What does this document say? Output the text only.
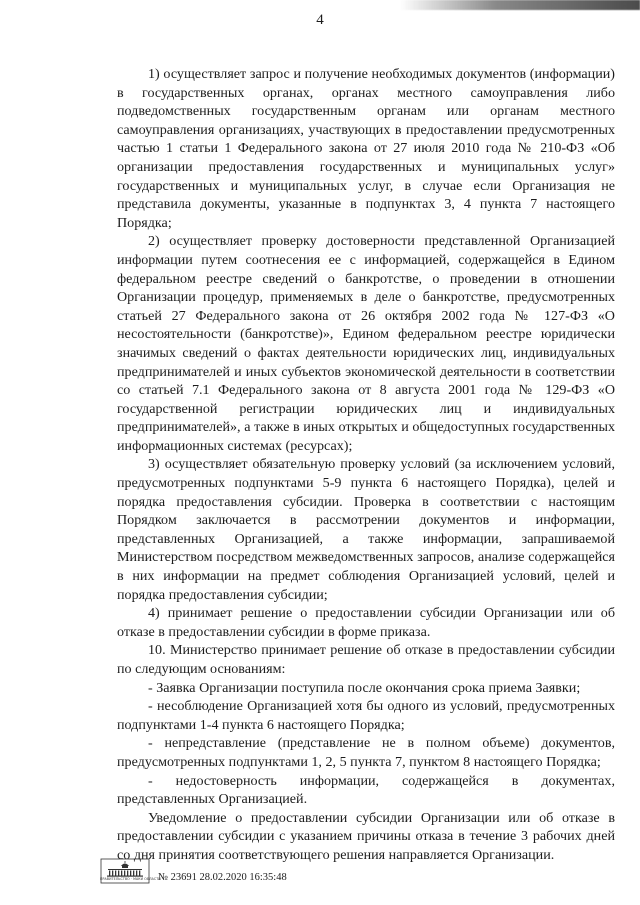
4

1) осуществляет запрос и получение необходимых документов (информации) в государственных органах, органах местного самоуправления либо подведомственных государственным органам или органам местного самоуправления организациях, участвующих в предоставлении предусмотренных частью 1 статьи 1 Федерального закона от 27 июля 2010 года № 210-ФЗ «Об организации предоставления государственных и муниципальных услуг» государственных и муниципальных услуг, в случае если Организация не представила документы, указанные в подпунктах 3, 4 пункта 7 настоящего Порядка;

2) осуществляет проверку достоверности представленной Организацией информации путем соотнесения ее с информацией, содержащейся в Едином федеральном реестре сведений о банкротстве, о проведении в отношении Организации процедур, применяемых в деле о банкротстве, предусмотренных статьей 27 Федерального закона от 26 октября 2002 года № 127-ФЗ «О несостоятельности (банкротстве)», Едином федеральном реестре юридически значимых сведений о фактах деятельности юридических лиц, индивидуальных предпринимателей и иных субъектов экономической деятельности в соответствии со статьей 7.1 Федерального закона от 8 августа 2001 года № 129-ФЗ «О государственной регистрации юридических лиц и индивидуальных предпринимателей», а также в иных открытых и общедоступных государственных информационных системах (ресурсах);

3) осуществляет обязательную проверку условий (за исключением условий, предусмотренных подпунктами 5-9 пункта 6 настоящего Порядка), целей и порядка предоставления субсидии. Проверка в соответствии с настоящим Порядком заключается в рассмотрении документов и информации, представленных Организацией, а также информации, запрашиваемой Министерством посредством межведомственных запросов, анализе содержащейся в них информации на предмет соблюдения Организацией условий, целей и порядка предоставления субсидии;

4) принимает решение о предоставлении субсидии Организации или об отказе в предоставлении субсидии в форме приказа.

10. Министерство принимает решение об отказе в предоставлении субсидии по следующим основаниям:

- Заявка Организации поступила после окончания срока приема Заявки;

- несоблюдение Организацией хотя бы одного из условий, предусмотренных подпунктами 1-4 пункта 6 настоящего Порядка;

- непредставление (представление не в полном объеме) документов, предусмотренных подпунктами 1, 2, 5 пункта 7, пунктом 8 настоящего Порядка;

- недостоверность информации, содержащейся в документах, представленных Организацией.

Уведомление о предоставлении субсидии Организации или об отказе в предоставлении субсидии с указанием причины отказа в течение 3 рабочих дней со дня принятия соответствующего решения направляется Организации.

ПРАВИТЕЛЬСТВО · МАКИ ОБЛАСТИ
№ 23691 28.02.2020 16:35:48
